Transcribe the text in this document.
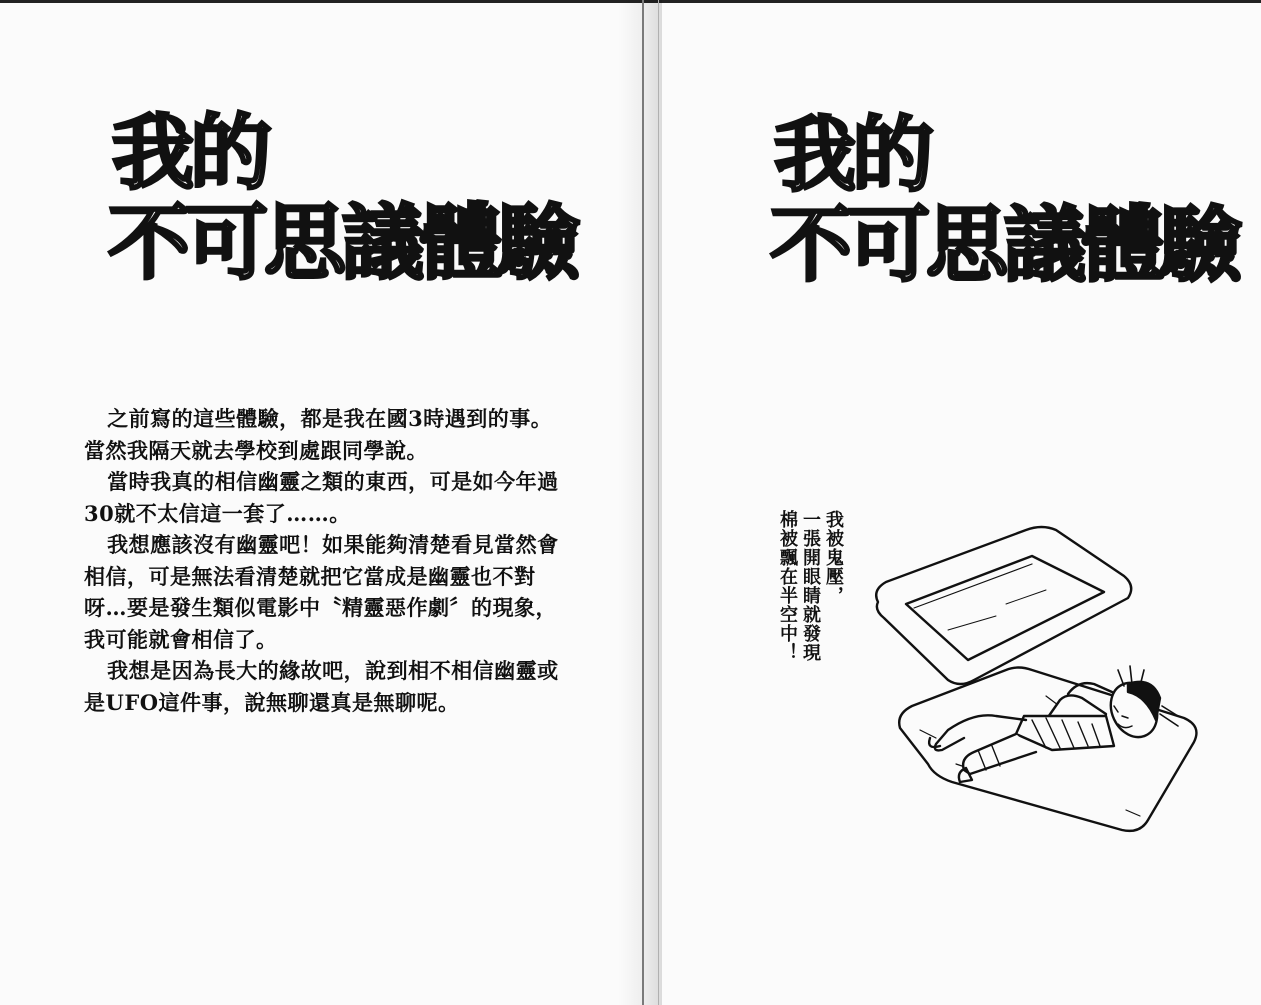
我的
不可思議體驗

之前寫的這些體驗，都是我在國3時遇到的事。當然我隔天就去學校到處跟同學說。

當時我真的相信幽靈之類的東西，可是如今年過30就不太信這一套了……。

我想應該沒有幽靈吧！如果能夠清楚看見當然會相信，可是無法看清楚就把它當成是幽靈也不對呀…要是發生類似電影中〝精靈惡作劇〞的現象，我可能就會相信了。

我想是因為長大的緣故吧，說到相不相信幽靈或是UFO這件事，說無聊還真是無聊呢。

我的
不可思議體驗
我被鬼壓，
一張開眼睛就發現
棉被飄在半空中！
